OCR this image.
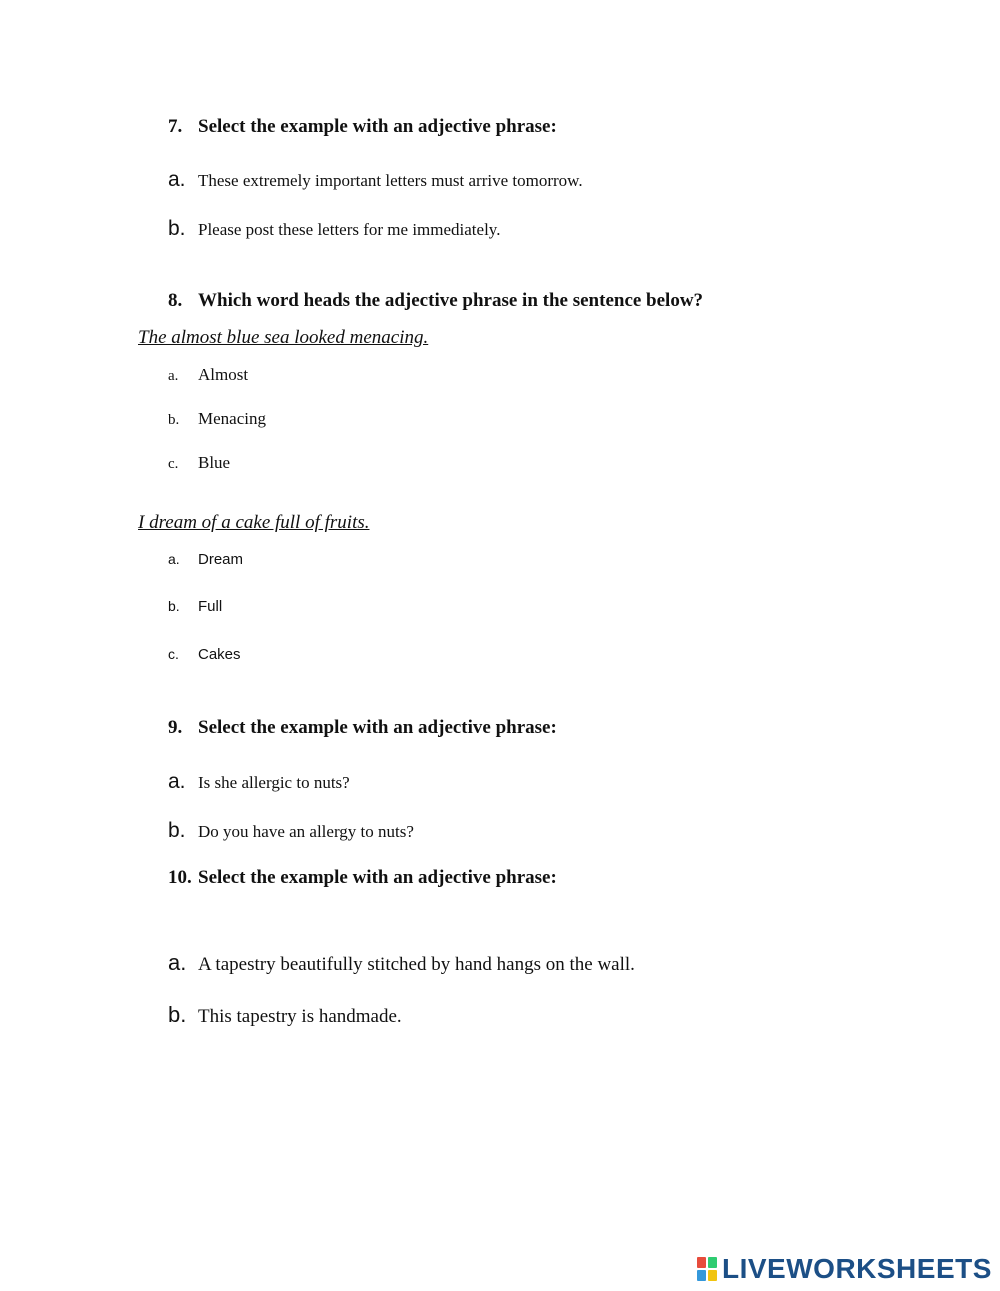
7. Select the example with an adjective phrase:
a. These extremely important letters must arrive tomorrow.
b. Please post these letters for me immediately.
8. Which word heads the adjective phrase in the sentence below?
The almost blue sea looked menacing.
a. Almost
b. Menacing
c. Blue
I dream of a cake full of fruits.
a. Dream
b. Full
c. Cakes
9. Select the example with an adjective phrase:
a. Is she allergic to nuts?
b. Do you have an allergy to nuts?
10. Select the example with an adjective phrase:
a. A tapestry beautifully stitched by hand hangs on the wall.
b. This tapestry is handmade.
LIVEWORKSHEETS
